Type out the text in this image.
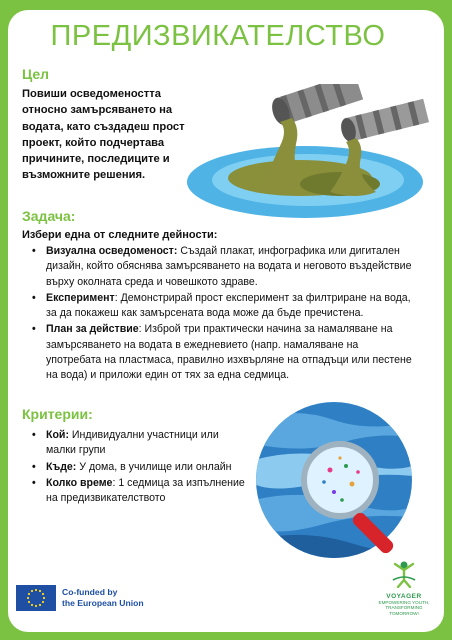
ПРЕДИЗВИКАТЕЛСТВО
Цел
Повиши осведомеността относно замърсяването на водата, като създадеш прост проект, който подчертава причините, последиците и възможните решения.
Задача:
Избери една от следните дейности:
• Визуална осведоменост: Създай плакат, инфографика или дигитален дизайн, който обяснява замърсяването на водата и неговото въздействие върху околната среда и човешкото здраве.
• Експеримент: Демонстрирай прост експеримент за филтриране на вода, за да покажеш как замърсената вода може да бъде пречистена.
• План за действие: Изброй три практически начина за намаляване на замърсяването на водата в ежедневието (напр. намаляване на употребата на пластмаса, правилно изхвърляне на отпадъци или пестене на вода) и приложи един от тях за една седмица.
Критерии:
• Кой: Индивидуални участници или малки групи
• Къде: У дома, в училище или онлайн
• Колко време: 1 седмица за изпълнение на предизвикателството
Co-funded by
the European Union
VOYAGER
EMPOWERING YOUTH,
TRANSFORMING
TOMORROW!
